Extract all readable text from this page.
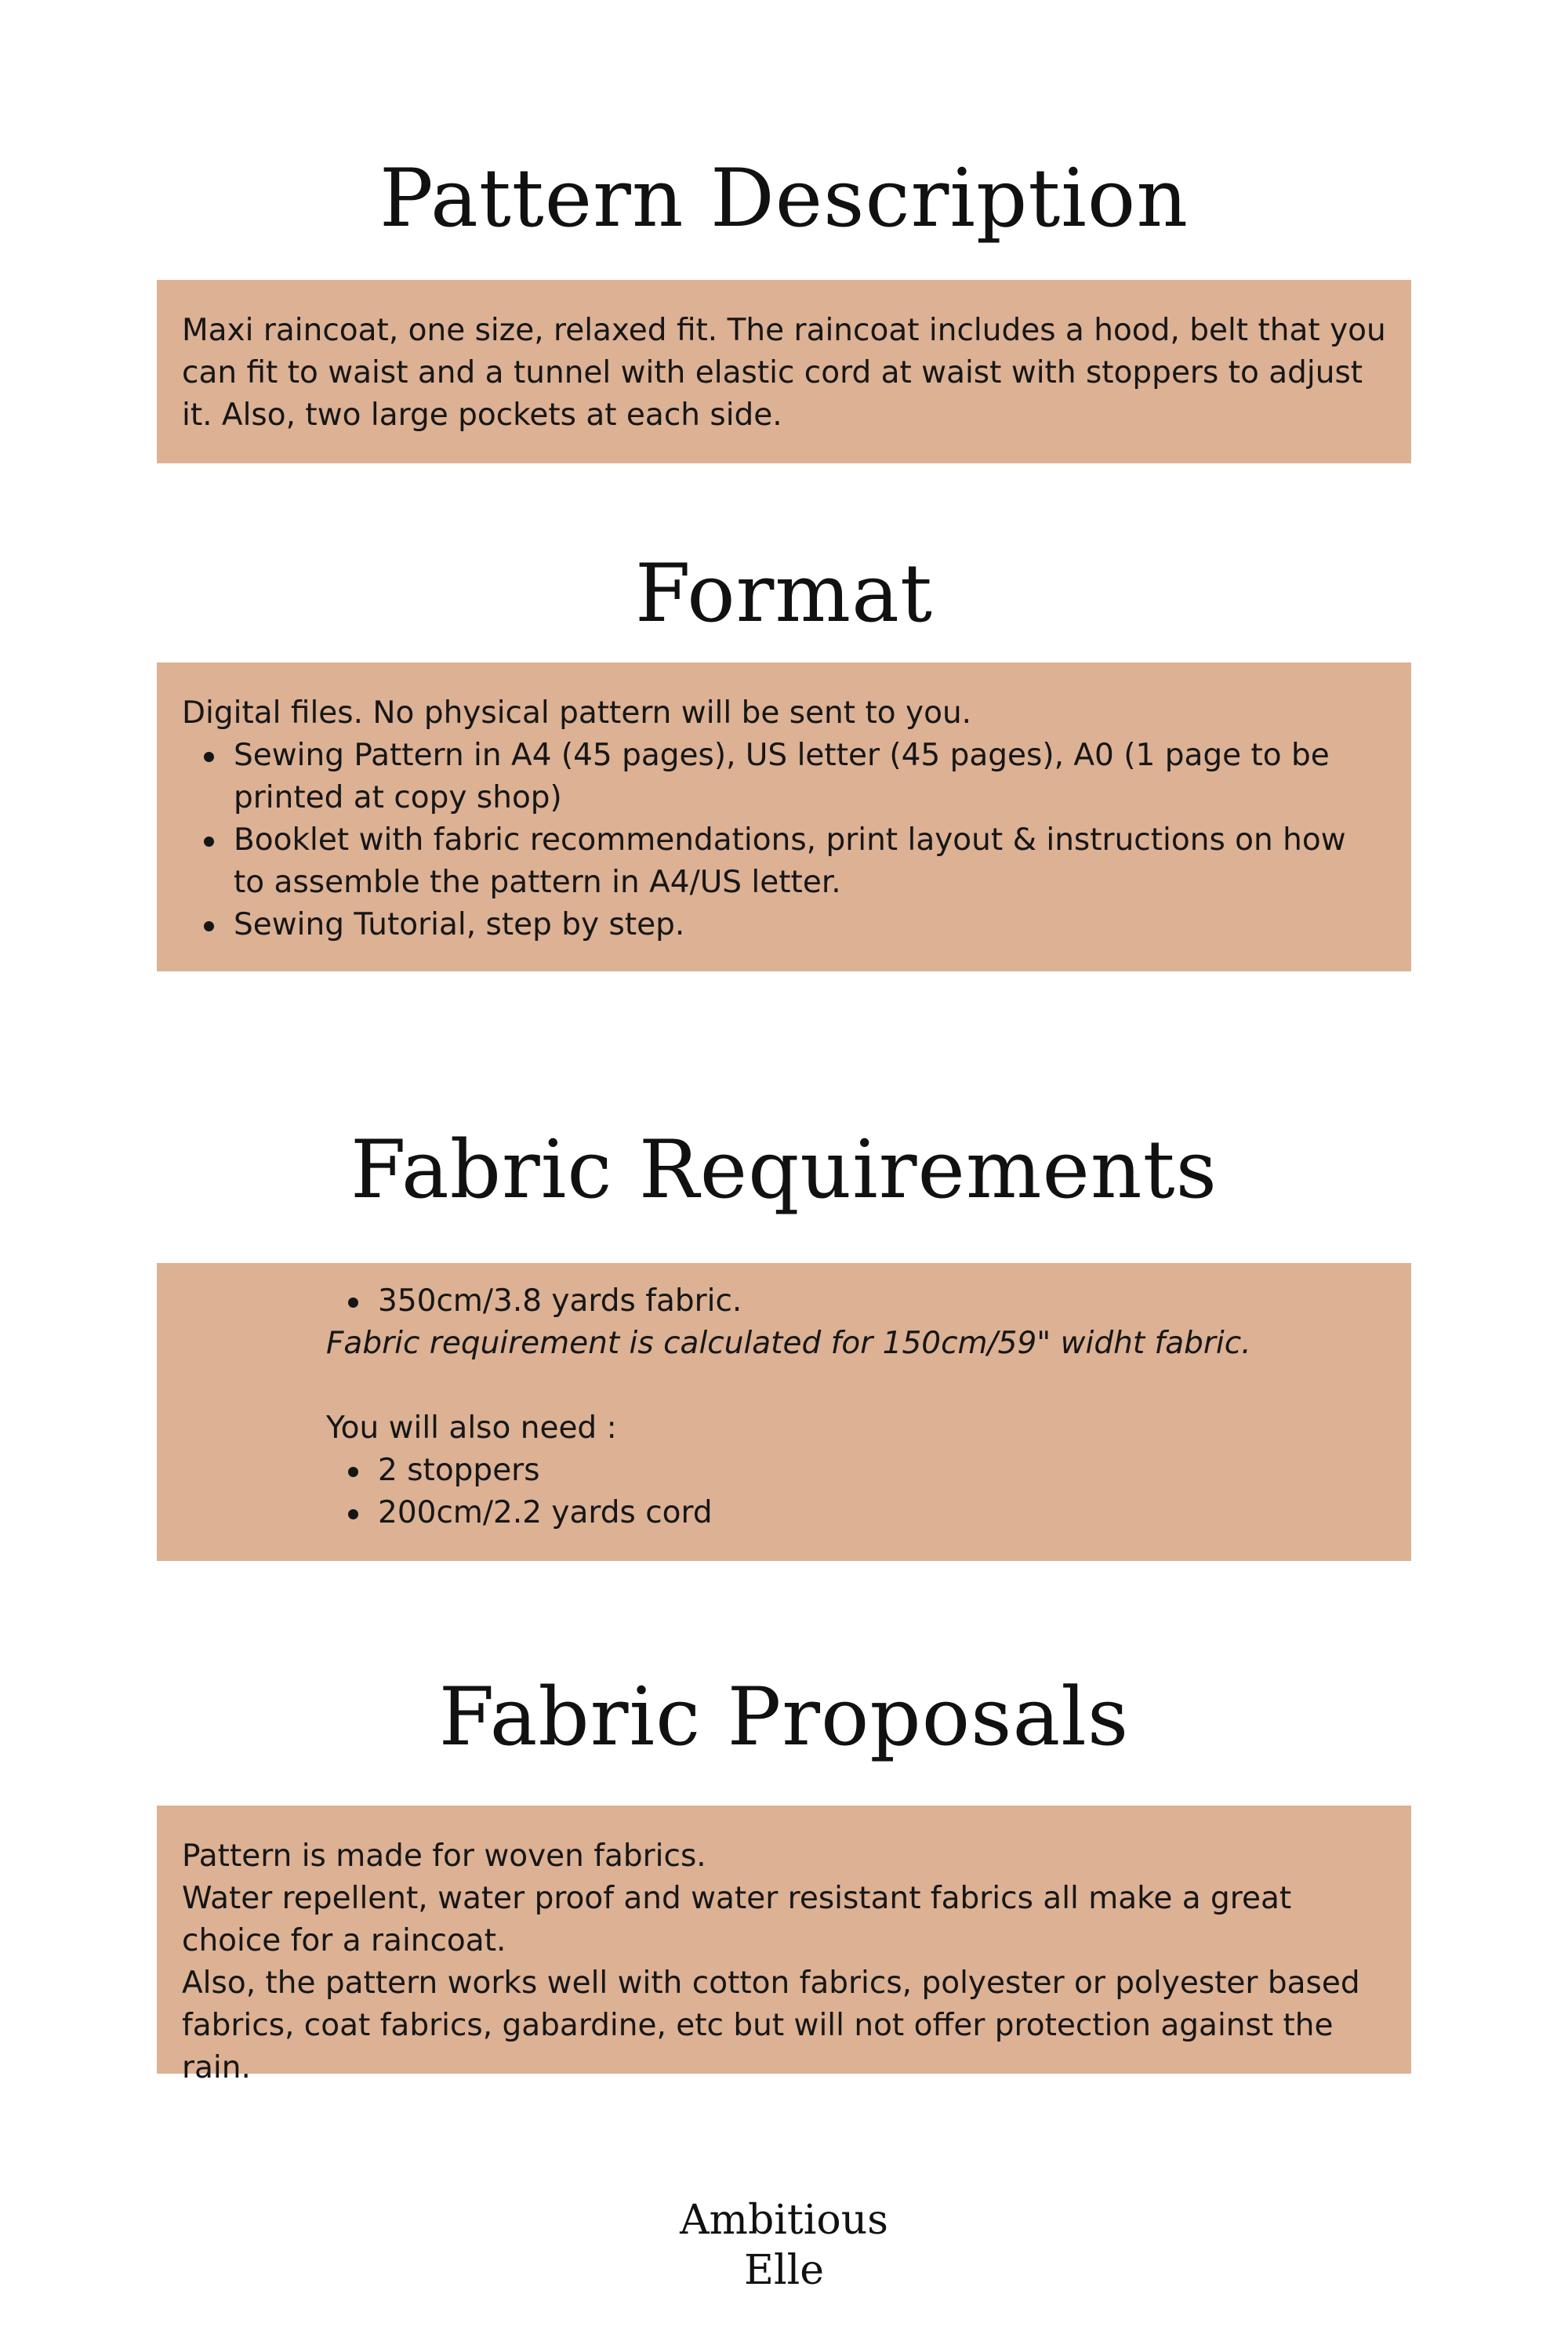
Pattern Description

Maxi raincoat, one size, relaxed fit. The raincoat includes a hood, belt that you can fit to waist and a tunnel with elastic cord at waist with stoppers to adjust it. Also, two large pockets at each side.

Format

Digital files. No physical pattern will be sent to you.

Sewing Pattern in A4 (45 pages), US letter (45 pages), A0 (1 page to be printed at copy shop)
Booklet with fabric recommendations, print layout & instructions on how to assemble the pattern in A4/US letter.
Sewing Tutorial, step by step.
Fabric Requirements
350cm/3.8 yards fabric.

Fabric requirement is calculated for 150cm/59" widht fabric.

You will also need :

2 stoppers
200cm/2.2 yards cord
Fabric Proposals

Pattern is made for woven fabrics.

Water repellent, water proof and water resistant fabrics all make a great choice for a raincoat.

Also, the pattern works well with cotton fabrics, polyester or polyester based fabrics, coat fabrics, gabardine, etc but will not offer protection against the rain.

Ambitious
Elle
